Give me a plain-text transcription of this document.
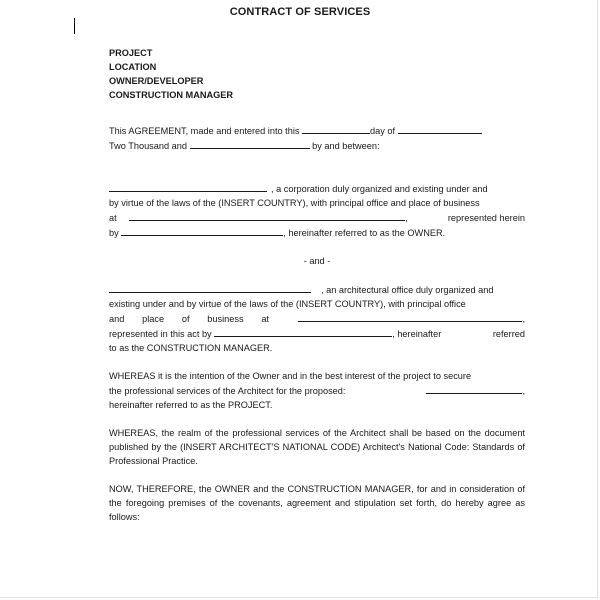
CONTRACT OF SERVICES
PROJECT
LOCATION
OWNER/DEVELOPER
CONSTRUCTION MANAGER
This AGREEMENT, made and entered into this	day of
Two Thousand and	by and between:
, a corporation duly organized and existing under and
by virtue of the laws of the (INSERT COUNTRY), with principal office and place of business
at	,	represented herein
by	, hereinafter referred to as the OWNER.
- and -
, an architectural office duly organized and
existing under and by virtue of the laws of the (INSERT COUNTRY), with principal office
and place of business at	,
represented in this act by	, hereinafter	referred
to as the CONSTRUCTION MANAGER.
WHEREAS it is the intention of the Owner and in the best interest of the project to secure
the professional services of the Architect for the proposed:	,
hereinafter referred to as the PROJECT.

WHEREAS, the realm of the professional services of the Architect shall be based on the document published by the (INSERT ARCHITECT'S NATIONAL CODE) Architect's National Code: Standards of Professional Practice.

NOW, THEREFORE, the OWNER and the CONSTRUCTION MANAGER, for and in consideration of the foregoing premises of the covenants, agreement and stipulation set forth, do hereby agree as follows:
